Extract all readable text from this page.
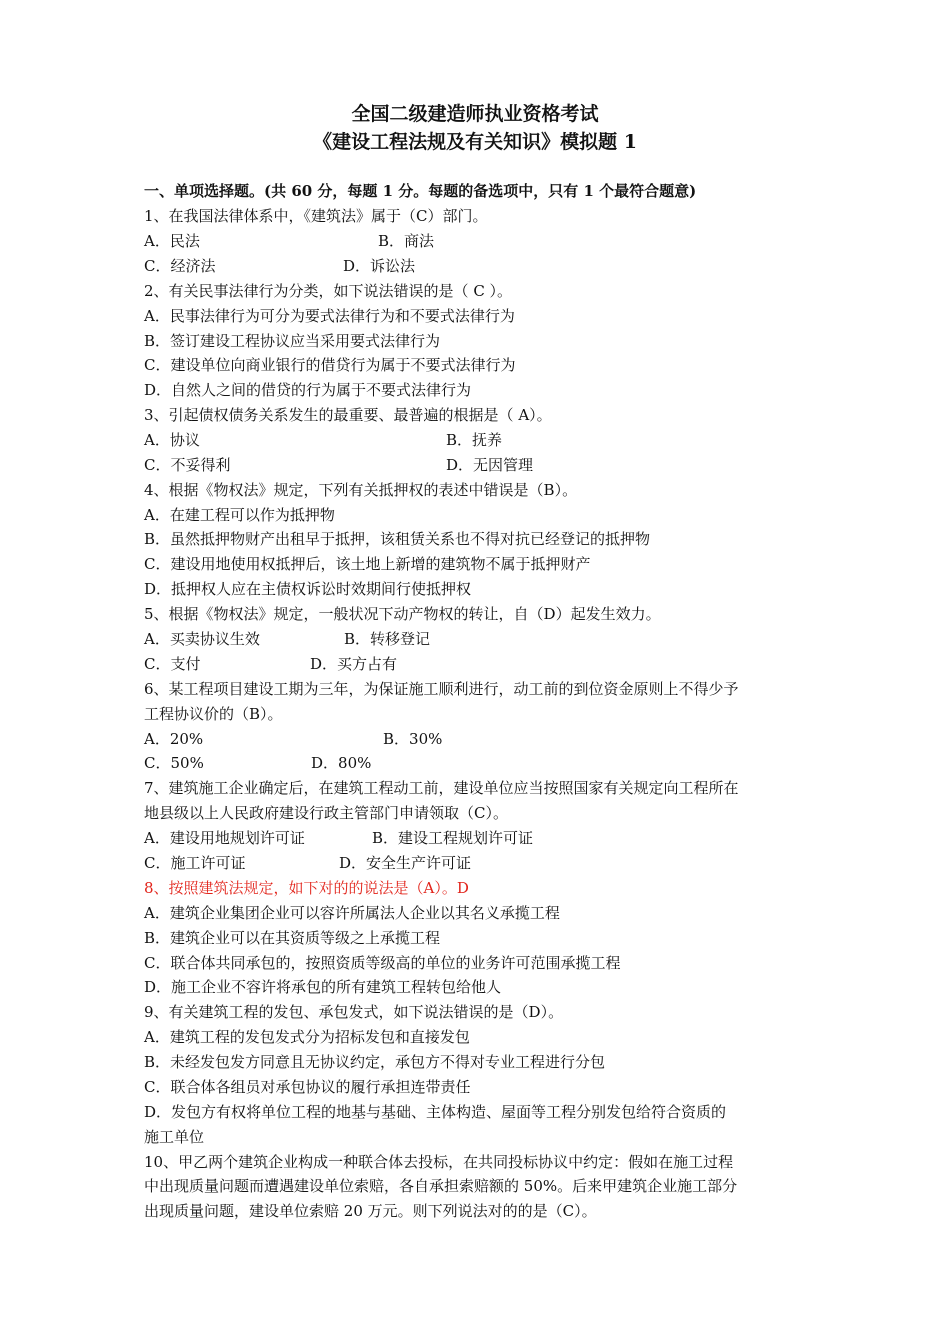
全国二级建造师执业资格考试
《建设工程法规及有关知识》模拟题 1
一、单项选择题。(共 60 分，每题 1 分。每题的备选项中，只有 1 个最符合题意)
1、在我国法律体系中，《建筑法》属于（C）部门。
A．民法	B．商法
C．经济法	D．诉讼法
2、有关民事法律行为分类，如下说法错误的是（ C ）。
A．民事法律行为可分为要式法律行为和不要式法律行为
B．签订建设工程协议应当采用要式法律行为
C．建设单位向商业银行的借贷行为属于不要式法律行为
D．自然人之间的借贷的行为属于不要式法律行为
3、引起债权债务关系发生的最重要、最普遍的根据是（ A）。
A．协议	B．抚养
C．不妥得利	D．无因管理
4、根据《物权法》规定，下列有关抵押权的表述中错误是（B）。
A．在建工程可以作为抵押物
B．虽然抵押物财产出租早于抵押，该租赁关系也不得对抗已经登记的抵押物
C．建设用地使用权抵押后，该土地上新增的建筑物不属于抵押财产
D．抵押权人应在主债权诉讼时效期间行使抵押权
5、根据《物权法》规定，一般状况下动产物权的转让，自（D）起发生效力。
A．买卖协议生效	B．转移登记
C．支付	D．买方占有
6、某工程项目建设工期为三年，为保证施工顺利进行，动工前的到位资金原则上不得少予
工程协议价的（B）。
A．20%	B．30%
C．50%	D．80%
7、建筑施工企业确定后，在建筑工程动工前，建设单位应当按照国家有关规定向工程所在
地县级以上人民政府建设行政主管部门申请领取（C）。
A．建设用地规划许可证	B．建设工程规划许可证
C．施工许可证	D．安全生产许可证
8、按照建筑法规定，如下对的的说法是（A）。D
A．建筑企业集团企业可以容许所属法人企业以其名义承揽工程
B．建筑企业可以在其资质等级之上承揽工程
C．联合体共同承包的，按照资质等级高的单位的业务许可范围承揽工程
D．施工企业不容许将承包的所有建筑工程转包给他人
9、有关建筑工程的发包、承包发式，如下说法错误的是（D）。
A．建筑工程的发包发式分为招标发包和直接发包
B．未经发包发方同意且无协议约定，承包方不得对专业工程进行分包
C．联合体各组员对承包协议的履行承担连带责任
D．发包方有权将单位工程的地基与基础、主体构造、屋面等工程分别发包给符合资质的
施工单位
10、甲乙两个建筑企业构成一种联合体去投标，在共同投标协议中约定：假如在施工过程
中出现质量问题而遭遇建设单位索赔，各自承担索赔额的 50%。后来甲建筑企业施工部分
出现质量问题，建设单位索赔 20 万元。则下列说法对的的是（C）。
